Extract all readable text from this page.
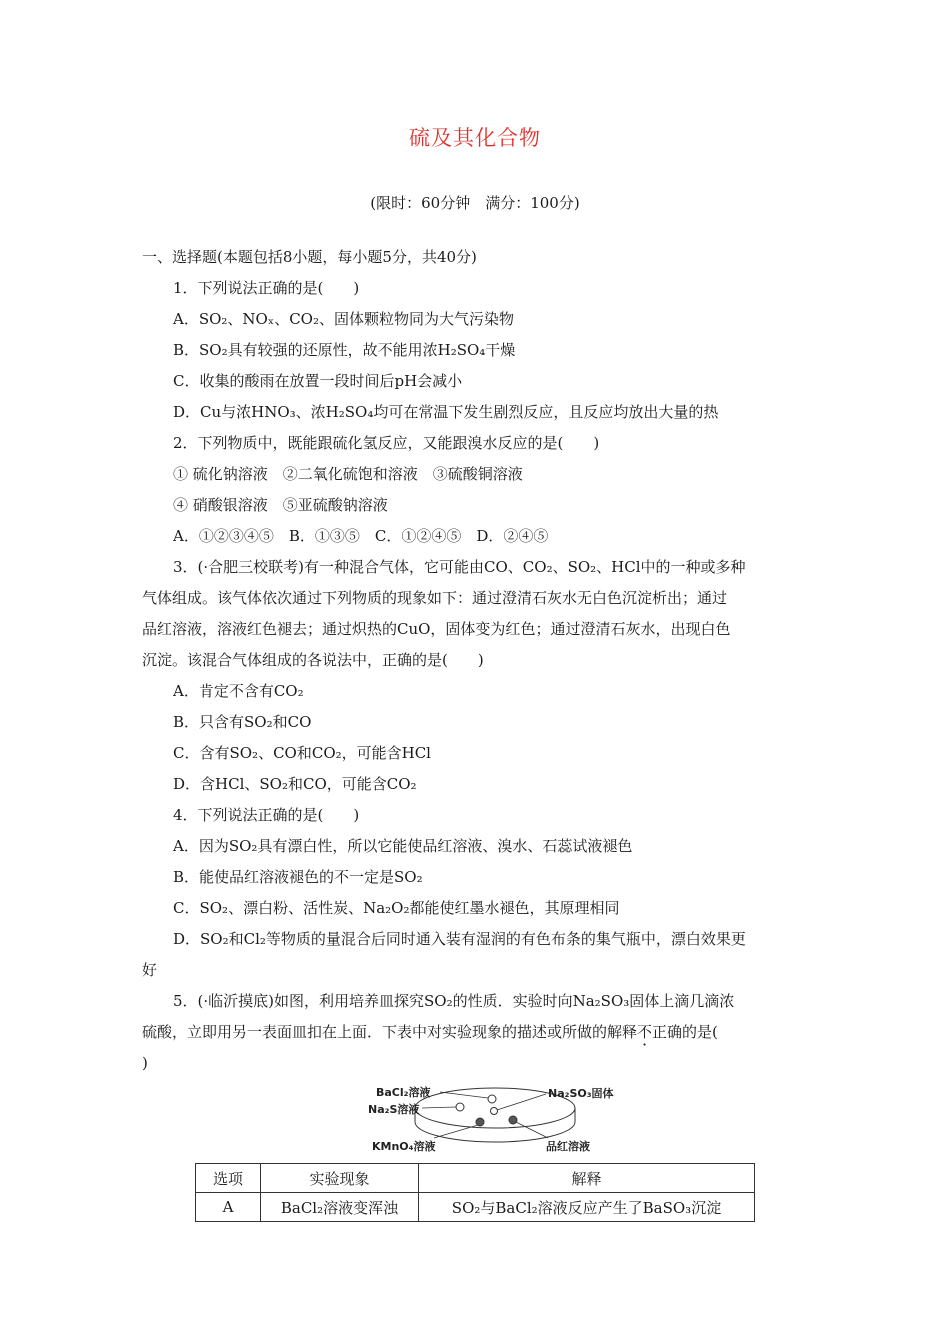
硫及其化合物
(限时：60分钟　满分：100分)
一、选择题(本题包括8小题，每小题5分，共40分)
1．下列说法正确的是(　　)
A．SO₂、NOₓ、CO₂、固体颗粒物同为大气污染物
B．SO₂具有较强的还原性，故不能用浓H₂SO₄干燥
C．收集的酸雨在放置一段时间后pH会减小
D．Cu与浓HNO₃、浓H₂SO₄均可在常温下发生剧烈反应，且反应均放出大量的热
2．下列物质中，既能跟硫化氢反应，又能跟溴水反应的是(　　)
① 硫化钠溶液　②二氧化硫饱和溶液　③硫酸铜溶液
④ 硝酸银溶液　⑤亚硫酸钠溶液
A．①②③④⑤　B．①③⑤　C．①②④⑤　D．②④⑤
3．(·合肥三校联考)有一种混合气体，它可能由CO、CO₂、SO₂、HCl中的一种或多种
气体组成。该气体依次通过下列物质的现象如下：通过澄清石灰水无白色沉淀析出；通过
品红溶液，溶液红色褪去；通过炽热的CuO，固体变为红色；通过澄清石灰水，出现白色
沉淀。该混合气体组成的各说法中，正确的是(　　)
A．肯定不含有CO₂
B．只含有SO₂和CO
C．含有SO₂、CO和CO₂，可能含HCl
D．含HCl、SO₂和CO，可能含CO₂
4．下列说法正确的是(　　)
A．因为SO₂具有漂白性，所以它能使品红溶液、溴水、石蕊试液褪色
B．能使品红溶液褪色的不一定是SO₂
C．SO₂、漂白粉、活性炭、Na₂O₂都能使红墨水褪色，其原理相同
D．SO₂和Cl₂等物质的量混合后同时通入装有湿润的有色布条的集气瓶中，漂白效果更
好
5．(·临沂摸底)如图，利用培养皿探究SO₂的性质．实验时向Na₂SO₃固体上滴几滴浓
硫酸，立即用另一表面皿扣在上面．下表中对实验现象的描述或所做的解释不正确的是(
)
BaCl₂溶液	Na₂SO₃固体
Na₂S溶液
KMnO₄溶液	品红溶液
选项	实验现象	解释
A	BaCl₂溶液变浑浊	SO₂与BaCl₂溶液反应产生了BaSO₃沉淀
